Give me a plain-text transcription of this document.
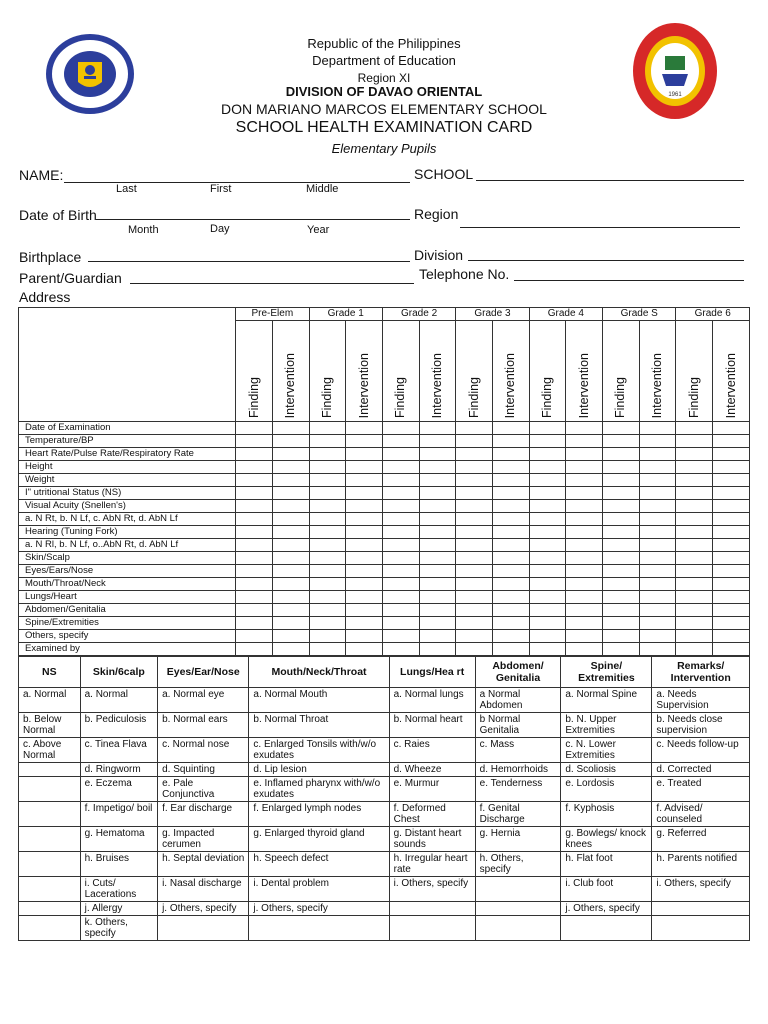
1961
Republic of the Philippines
Department of Education
Region XI
DIVISION OF DAVAO ORIENTAL
DON MARIANO MARCOS ELEMENTARY SCHOOL
SCHOOL HEALTH EXAMINATION CARD
Elementary Pupils
NAME:
Last	First	Middle
SCHOOL
Date of Birth
Month	Day	Year
Region
Birthplace	Division
Parent/Guardian	Telephone No.
Address
	Pre-Elem		Grade 1		Grade 2		Grade 3		Grade 4		Grade S		Grade 6	
	Finding	Intervention	Finding	Intervention	Finding	Intervention	Finding	Intervention	Finding	Intervention	Finding	Intervention	Finding	Intervention
Date of Examination														
Temperature/BP														
Heart Rate/Pulse Rate/Respiratory Rate														
Height														
Weight														
I" utritional Status (NS)														
Visual Acuity (Snellen's)														
a. N Rt, b. N Lf, c. AbN Rt, d. AbN Lf														
Hearing (Tuning Fork)														
a. N Rl, b. N Lf, o..AbN Rt, d. AbN Lf														
Skin/Scalp														
Eyes/Ears/Nose														
Mouth/Throat/Neck														
Lungs/Heart														
Abdomen/Genitalia														
Spine/Extremities														
Others, specify														
Examined by														
NS	Skin/6calp	Eyes/Ear/Nose	Mouth/Neck/Throat	Lungs/Hea rt	Abdomen/ Genitalia	Spine/ Extremities	Remarks/ Intervention
a. Normal	a. Normal	a. Normal eye	a. Normal Mouth	a. Normal lungs	a Normal Abdomen	a. Normal Spine	a. Needs Supervision
b. Below Normal	b. Pediculosis	b. Normal ears	b. Normal Throat	b. Normal heart	b Normal Genitalia	b. N. Upper Extremities	b. Needs close supervision
c. Above Normal	c. Tinea Flava	c. Normal nose	c. Enlarged Tonsils with/w/o exudates	c. Raies	c. Mass	c. N. Lower Extremities	c. Needs follow-up
	d. Ringworm	d. Squinting	d. Lip lesion	d. Wheeze	d. Hemorrhoids	d. Scoliosis	d. Corrected
	e. Eczema	e. Pale Conjunctiva	e. Inflamed pharynx with/w/o exudates	e. Murmur	e. Tenderness	e. Lordosis	e. Treated
	f. Impetigo/ boil	f. Ear discharge	f. Enlarged lymph nodes	f. Deformed Chest	f. Genital Discharge	f. Kyphosis	f. Advised/ counseled
	g. Hematoma	g. Impacted cerumen	g. Enlarged thyroid gland	g. Distant heart sounds	g. Hernia	g. Bowlegs/ knock knees	g. Referred
	h. Bruises	h. Septal deviation	h. Speech defect	h. Irregular heart rate	h. Others, specify	h. Flat foot	h. Parents notified
	i. Cuts/ Lacerations	i. Nasal discharge	i. Dental problem	i. Others, specify		i. Club foot	i. Others, specify
	j. Allergy	j. Others, specify	j. Others, specify			j. Others, specify	
	k. Others, specify						
